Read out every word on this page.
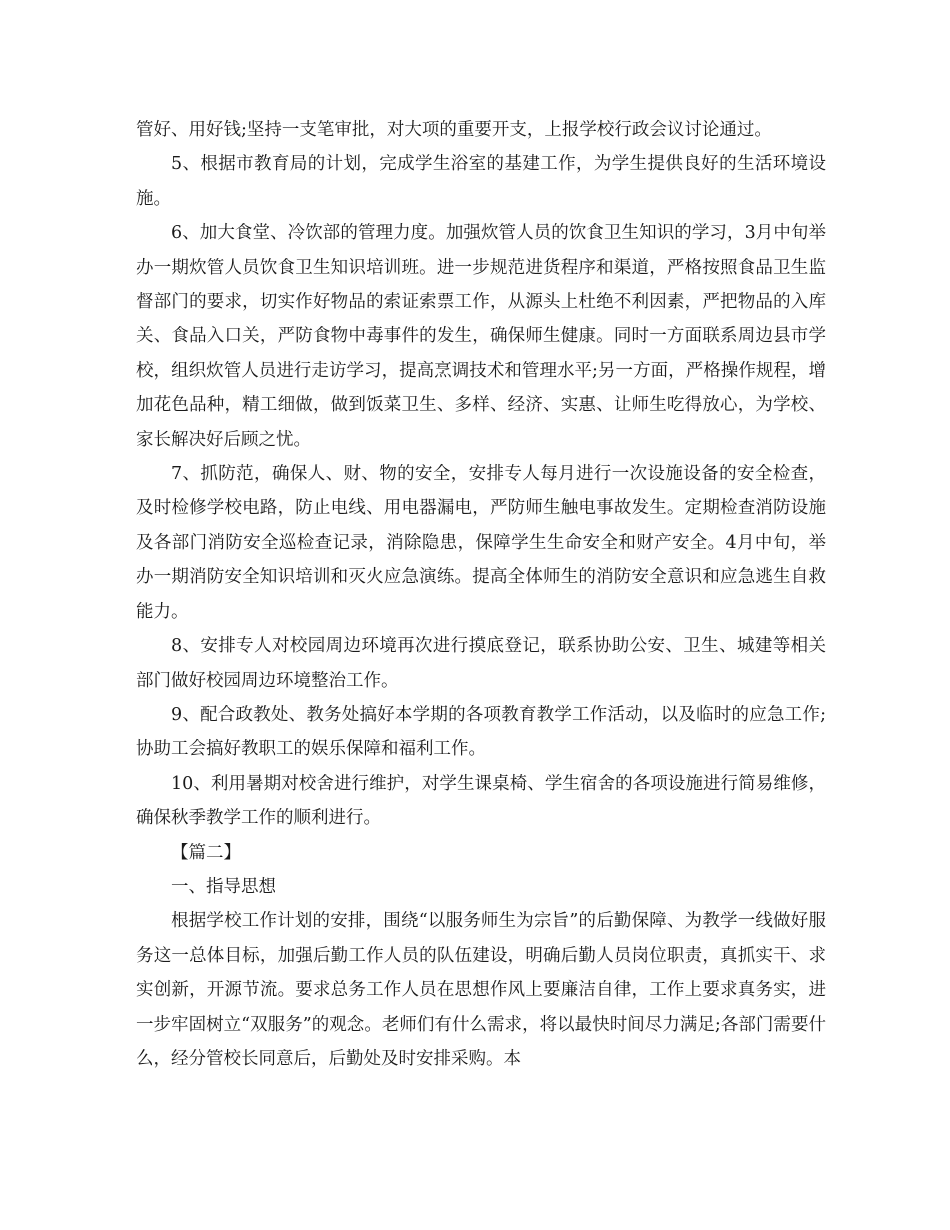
管好、用好钱;坚持一支笔审批，对大项的重要开支，上报学校行政会议讨论通过。

5、根据市教育局的计划，完成学生浴室的基建工作，为学生提供良好的生活环境设施。

6、加大食堂、冷饮部的管理力度。加强炊管人员的饮食卫生知识的学习，3月中旬举办一期炊管人员饮食卫生知识培训班。进一步规范进货程序和渠道，严格按照食品卫生监督部门的要求，切实作好物品的索证索票工作，从源头上杜绝不利因素，严把物品的入库关、食品入口关，严防食物中毒事件的发生，确保师生健康。同时一方面联系周边县市学校，组织炊管人员进行走访学习，提高烹调技术和管理水平;另一方面，严格操作规程，增加花色品种，精工细做，做到饭菜卫生、多样、经济、实惠、让师生吃得放心，为学校、家长解决好后顾之忧。

7、抓防范，确保人、财、物的安全，安排专人每月进行一次设施设备的安全检查，及时检修学校电路，防止电线、用电器漏电，严防师生触电事故发生。定期检查消防设施及各部门消防安全巡检查记录，消除隐患，保障学生生命安全和财产安全。4月中旬，举办一期消防安全知识培训和灭火应急演练。提高全体师生的消防安全意识和应急逃生自救能力。

8、安排专人对校园周边环境再次进行摸底登记，联系协助公安、卫生、城建等相关部门做好校园周边环境整治工作。

9、配合政教处、教务处搞好本学期的各项教育教学工作活动，以及临时的应急工作;协助工会搞好教职工的娱乐保障和福利工作。

10、利用暑期对校舍进行维护，对学生课桌椅、学生宿舍的各项设施进行简易维修，确保秋季教学工作的顺利进行。

【篇二】

一、指导思想

根据学校工作计划的安排，围绕“以服务师生为宗旨”的后勤保障、为教学一线做好服务这一总体目标，加强后勤工作人员的队伍建设，明确后勤人员岗位职责，真抓实干、求实创新，开源节流。要求总务工作人员在思想作风上要廉洁自律，工作上要求真务实，进一步牢固树立“双服务”的观念。老师们有什么需求，将以最快时间尽力满足;各部门需要什么，经分管校长同意后，后勤处及时安排采购。本
